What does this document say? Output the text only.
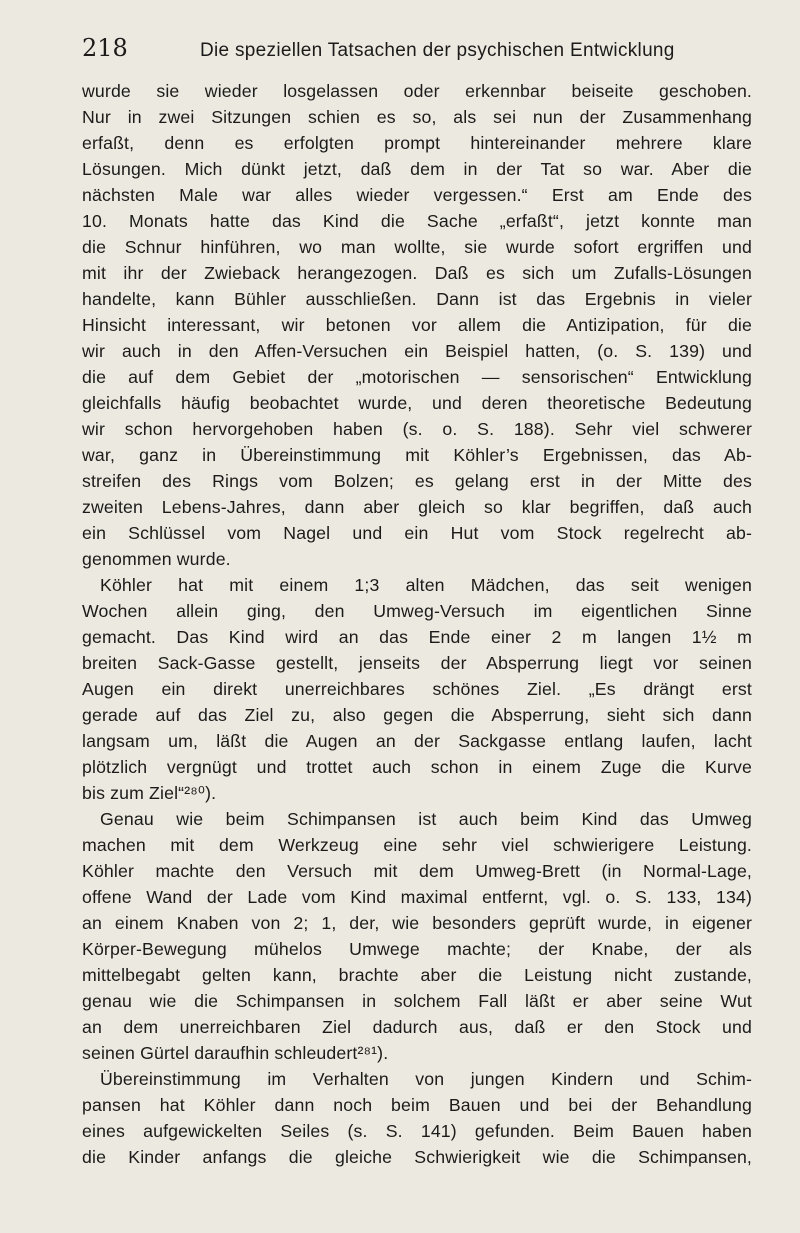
218	Die speziellen Tatsachen der psychischen Entwicklung
wurde sie wieder losgelassen oder erkennbar beiseite geschoben.
Nur in zwei Sitzungen schien es so, als sei nun der Zusammenhang
erfaßt, denn es erfolgten prompt hintereinander mehrere klare
Lösungen. Mich dünkt jetzt, daß dem in der Tat so war. Aber die
nächsten Male war alles wieder vergessen.“ Erst am Ende des
10. Monats hatte das Kind die Sache „erfaßt“, jetzt konnte man
die Schnur hinführen, wo man wollte, sie wurde sofort ergriffen und
mit ihr der Zwieback herangezogen. Daß es sich um Zufalls-Lösungen
handelte, kann Bühler ausschließen. Dann ist das Ergebnis in vieler
Hinsicht interessant, wir betonen vor allem die Antizipation, für die
wir auch in den Affen-Versuchen ein Beispiel hatten, (o. S. 139) und
die auf dem Gebiet der „motorischen — sensorischen“ Entwicklung
gleichfalls häufig beobachtet wurde, und deren theoretische Bedeutung
wir schon hervorgehoben haben (s. o. S. 188). Sehr viel schwerer
war, ganz in Übereinstimmung mit Köhler’s Ergebnissen, das Ab-
streifen des Rings vom Bolzen; es gelang erst in der Mitte des
zweiten Lebens-Jahres, dann aber gleich so klar begriffen, daß auch
ein Schlüssel vom Nagel und ein Hut vom Stock regelrecht ab-
genommen wurde.
Köhler hat mit einem 1;3 alten Mädchen, das seit wenigen
Wochen allein ging, den Umweg-Versuch im eigentlichen Sinne
gemacht. Das Kind wird an das Ende einer 2 m langen 1½ m
breiten Sack-Gasse gestellt, jenseits der Absperrung liegt vor seinen
Augen ein direkt unerreichbares schönes Ziel. „Es drängt erst
gerade auf das Ziel zu, also gegen die Absperrung, sieht sich dann
langsam um, läßt die Augen an der Sackgasse entlang laufen, lacht
plötzlich vergnügt und trottet auch schon in einem Zuge die Kurve
bis zum Ziel“²⁸⁰).
Genau wie beim Schimpansen ist auch beim Kind das Umweg
machen mit dem Werkzeug eine sehr viel schwierigere Leistung.
Köhler machte den Versuch mit dem Umweg-Brett (in Normal-Lage,
offene Wand der Lade vom Kind maximal entfernt, vgl. o. S. 133, 134)
an einem Knaben von 2; 1, der, wie besonders geprüft wurde, in eigener
Körper-Bewegung mühelos Umwege machte; der Knabe, der als
mittelbegabt gelten kann, brachte aber die Leistung nicht zustande,
genau wie die Schimpansen in solchem Fall läßt er aber seine Wut
an dem unerreichbaren Ziel dadurch aus, daß er den Stock und
seinen Gürtel daraufhin schleudert²⁸¹).
Übereinstimmung im Verhalten von jungen Kindern und Schim-
pansen hat Köhler dann noch beim Bauen und bei der Behandlung
eines aufgewickelten Seiles (s. S. 141) gefunden. Beim Bauen haben
die Kinder anfangs die gleiche Schwierigkeit wie die Schimpansen,
